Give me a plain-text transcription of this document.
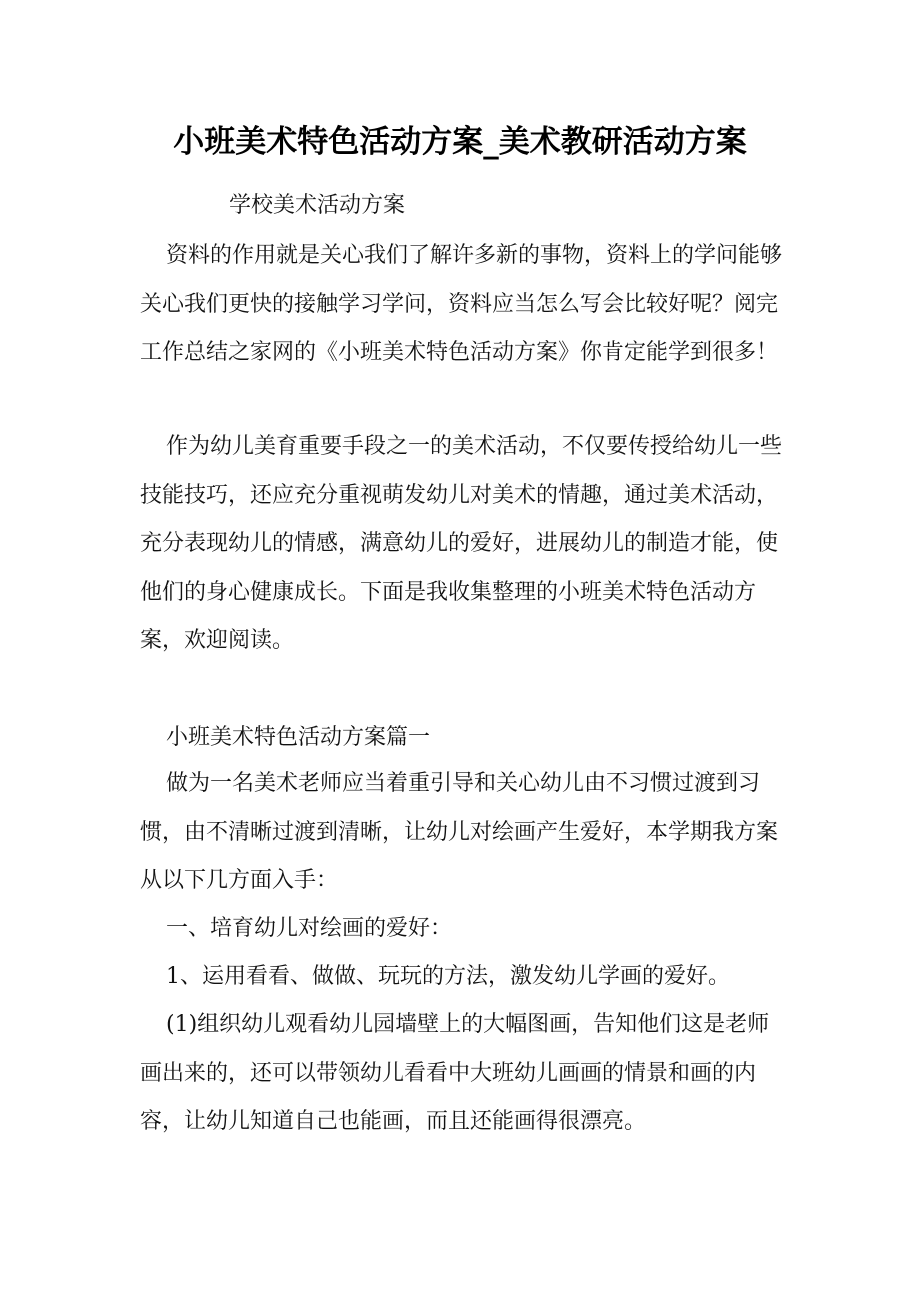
小班美术特色活动方案_美术教研活动方案
学校美术活动方案

资料的作用就是关心我们了解许多新的事物，资料上的学问能够关心我们更快的接触学习学问，资料应当怎么写会比较好呢？阅完工作总结之家网的《小班美术特色活动方案》你肯定能学到很多！

作为幼儿美育重要手段之一的美术活动，不仅要传授给幼儿一些技能技巧，还应充分重视萌发幼儿对美术的情趣，通过美术活动，充分表现幼儿的情感，满意幼儿的爱好，进展幼儿的制造才能，使他们的身心健康成长。下面是我收集整理的小班美术特色活动方案，欢迎阅读。

小班美术特色活动方案篇一

做为一名美术老师应当着重引导和关心幼儿由不习惯过渡到习惯，由不清晰过渡到清晰，让幼儿对绘画产生爱好，本学期我方案从以下几方面入手：

一、培育幼儿对绘画的爱好：

1、运用看看、做做、玩玩的方法，激发幼儿学画的爱好。

(1)组织幼儿观看幼儿园墙壁上的大幅图画，告知他们这是老师画出来的，还可以带领幼儿看看中大班幼儿画画的情景和画的内容，让幼儿知道自己也能画，而且还能画得很漂亮。
